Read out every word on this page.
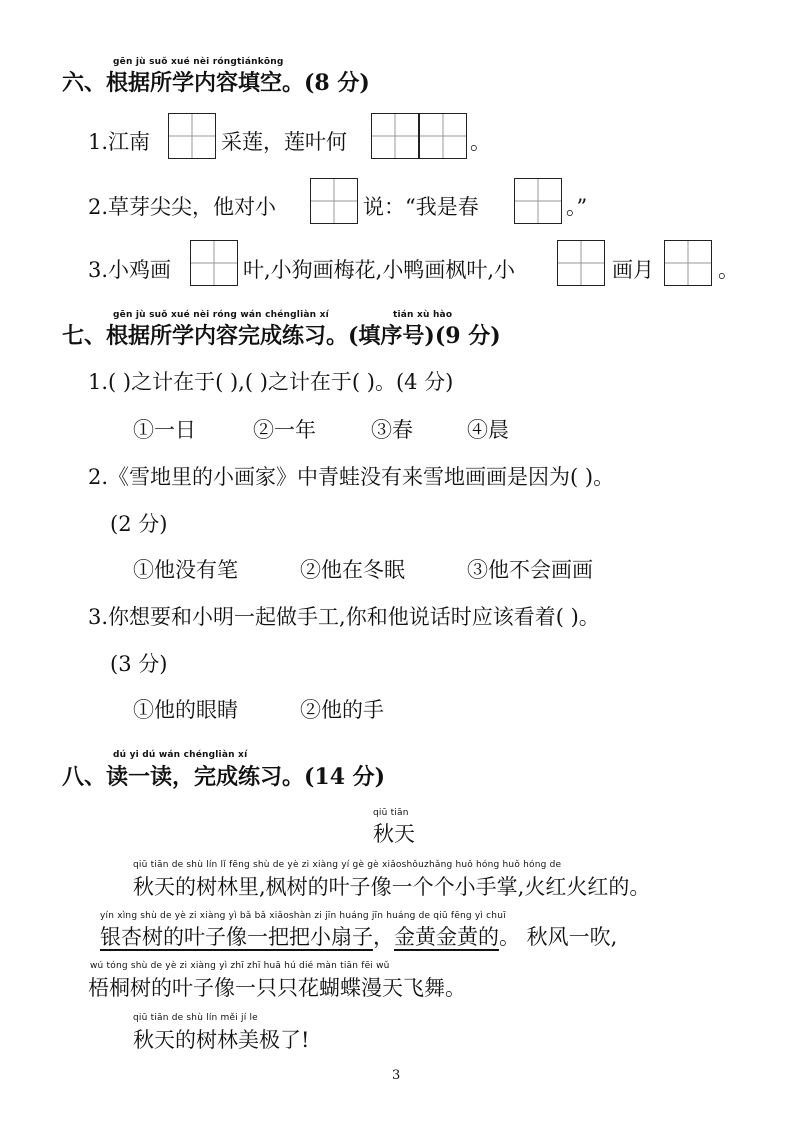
gēn jù suǒ xué nèi róngtiánkōng
六、根据所学内容填空。(8 分)
1.江南	采莲，莲叶何	。
2.草芽尖尖，他对小	说：“我是春	。”
3.小鸡画	叶,小狗画梅花,小鸭画枫叶,小	画月	。
gēn jù suǒ xué nèi róng wán chéngliàn xí	tián xù hào
七、根据所学内容完成练习。(填序号)(9 分)
1.( )之计在于( ),( )之计在于( )。(4 分)
①一日	②一年	③春	④晨
2.《雪地里的小画家》中青蛙没有来雪地画画是因为( )。
(2 分)
①他没有笔	②他在冬眠	③他不会画画
3.你想要和小明一起做手工,你和他说话时应该看着( )。
(3 分)
①他的眼睛	②他的手
dú yi dú wán chéngliàn xí
八、读一读，完成练习。(14 分)
qiū tiān
秋天
qiū tiān de shù lín lǐ fēng shù de yè zi xiàng yí gè gè xiǎoshǒuzhǎng huǒ hóng huǒ hóng de
秋天的树林里,枫树的叶子像一个个小手掌,火红火红的。
yín xìng shù de yè zi xiàng yì bǎ bǎ xiǎoshàn zi jīn huáng jīn huáng de qiū fēng yì chuī
银杏树的叶子像一把把小扇子，金黄金黄的。 秋风一吹,
wú tóng shù de yè zi xiàng yì zhī zhī huā hú dié màn tiān fēi wǔ
梧桐树的叶子像一只只花蝴蝶漫天飞舞。
qiū tiān de shù lín měi jí le
秋天的树林美极了!
3
